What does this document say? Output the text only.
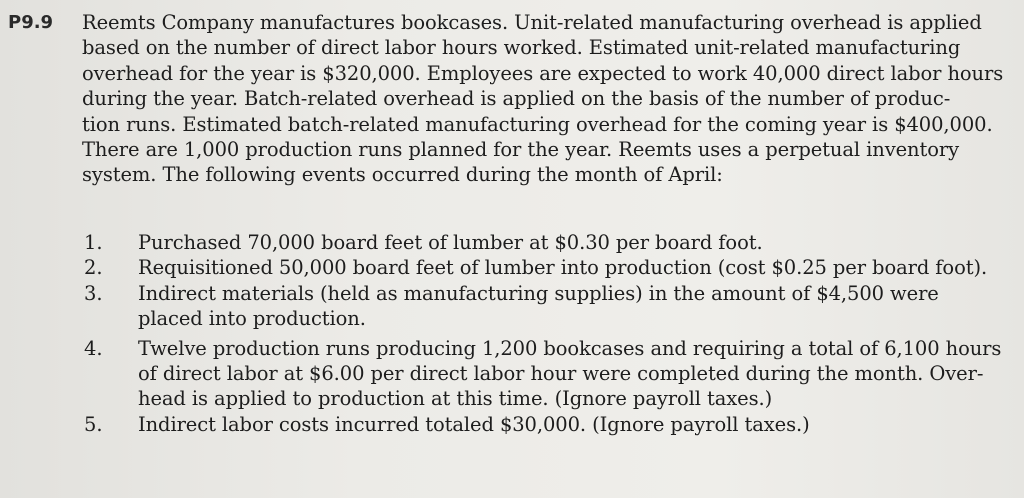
P9.9 Reemts Company manufactures bookcases. Unit-related manufacturing overhead is applied
based on the number of direct labor hours worked. Estimated unit-related manufacturing
overhead for the year is $320,000. Employees are expected to work 40,000 direct labor hours
during the year. Batch-related overhead is applied on the basis of the number of produc-
tion runs. Estimated batch-related manufacturing overhead for the coming year is $400,000.
There are 1,000 production runs planned for the year. Reemts uses a perpetual inventory
system. The following events occurred during the month of April:
1.	Purchased 70,000 board feet of lumber at $0.30 per board foot.
2.	Requisitioned 50,000 board feet of lumber into production (cost $0.25 per board foot).
3.	Indirect materials (held as manufacturing supplies) in the amount of $4,500 were
placed into production.
4.	Twelve production runs producing 1,200 bookcases and requiring a total of 6,100 hours
of direct labor at $6.00 per direct labor hour were completed during the month. Over-
head is applied to production at this time. (Ignore payroll taxes.)
5.	Indirect labor costs incurred totaled $30,000. (Ignore payroll taxes.)
